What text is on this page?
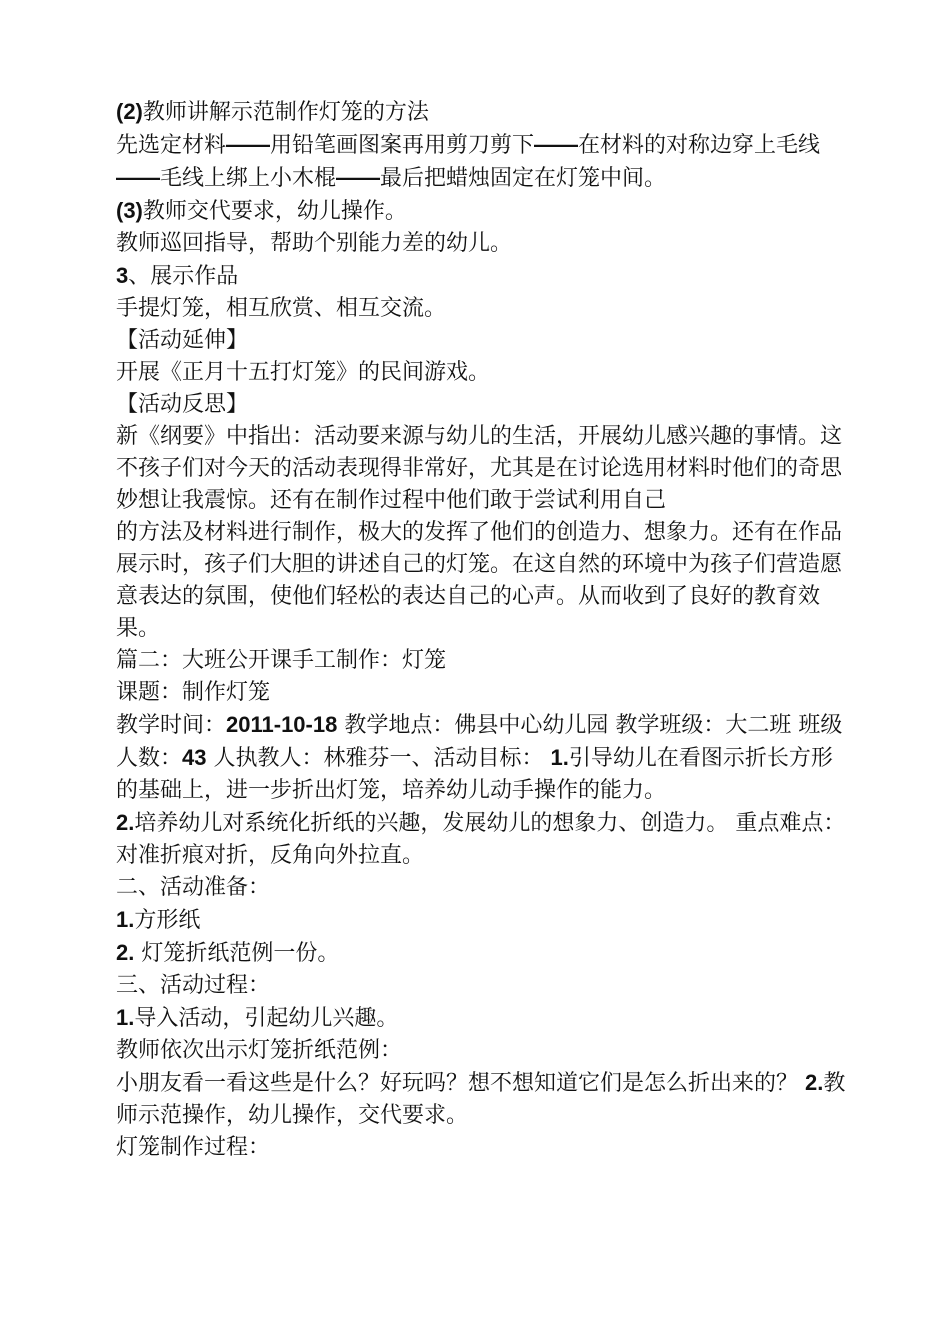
(2)教师讲解示范制作灯笼的方法

先选定材料——用铅笔画图案再用剪刀剪下——在材料的对称边穿上毛线——毛线上绑上小木棍——最后把蜡烛固定在灯笼中间。

(3)教师交代要求，幼儿操作。

教师巡回指导，帮助个别能力差的幼儿。

3、展示作品

手提灯笼，相互欣赏、相互交流。

【活动延伸】

开展《正月十五打灯笼》的民间游戏。

【活动反思】

新《纲要》中指出：活动要来源与幼儿的生活，开展幼儿感兴趣的事情。这不孩子们对今天的活动表现得非常好，尤其是在讨论选用材料时他们的奇思妙想让我震惊。还有在制作过程中他们敢于尝试利用自己

的方法及材料进行制作，极大的发挥了他们的创造力、想象力。还有在作品展示时，孩子们大胆的讲述自己的灯笼。在这自然的环境中为孩子们营造愿意表达的氛围，使他们轻松的表达自己的心声。从而收到了良好的教育效果。

篇二：大班公开课手工制作：灯笼

课题：制作灯笼

教学时间：2011-10-18 教学地点：佛县中心幼儿园 教学班级：大二班 班级人数：43 人执教人：林雅芬一、活动目标： 1.引导幼儿在看图示折长方形的基础上，进一步折出灯笼，培养幼儿动手操作的能力。

2.培养幼儿对系统化折纸的兴趣，发展幼儿的想象力、创造力。 重点难点：对准折痕对折，反角向外拉直。

二、活动准备：

1.方形纸

2. 灯笼折纸范例一份。

三、活动过程：

1.导入活动，引起幼儿兴趣。

教师依次出示灯笼折纸范例：

小朋友看一看这些是什么？好玩吗？想不想知道它们是怎么折出来的？ 2.教师示范操作，幼儿操作，交代要求。

灯笼制作过程：
